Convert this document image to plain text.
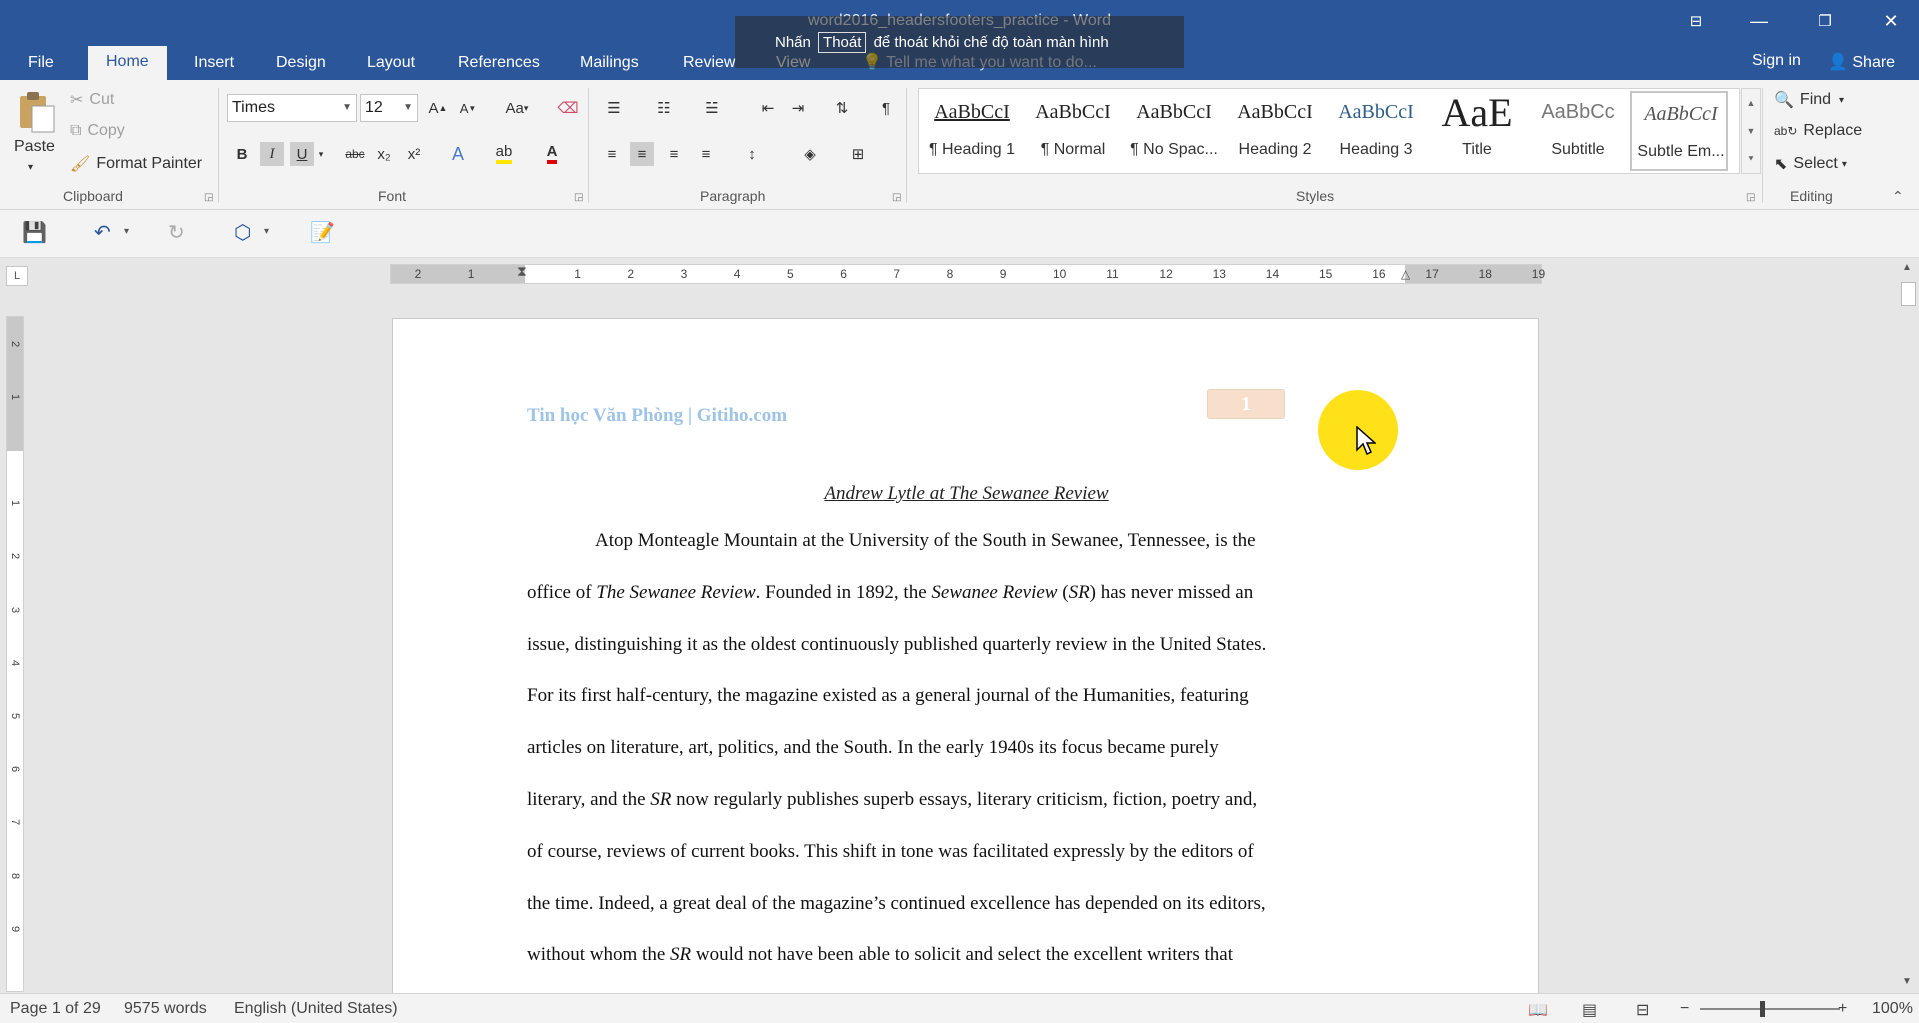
⊟	—	❐	✕
File	Home	Insert	Design	Layout	References	Mailings	Review	Sign in 👤 Share
Nhấn Thoát để thoát khỏi chế độ toàn màn hình
Paste
▾
✂ Cut
⧉ Copy
🖌 Format Painter
Clipboard	◲
Times	▼ 12 ▼ A ▲ A ▼ Aa ▾ ⌫
B	I	U	▾	abc x₂	x²	A	ab A
Font	◲
☰	☷	☱	⇤	⇥	⇅	¶
≡	≡	≡	≡	↕	◈	⊞
Paragraph	◲
AaBbCcI
¶ Heading 1
AaBbCcI
¶ Normal
AaBbCcI
¶ No Spac...
AaBbCcI
Heading 2
AaBbCcI
Heading 3
AaE
Title
AaBbCc
Subtitle
AaBbCcI
Subtle Em...
▲
▼
⯆
Styles	◲
🔍 Find ▾
ab↻ Replace
⬉ Select ▾
Editing	⌃
💾 ↶ ▾ ↻ ⬡ ▾ 📝
L	2	1	1	2	3	4	5	6	7	8	9	10	11	12	13	14	15	16	17	18	19
⧗	△
2
1
1
2
3
4
5
6
7
8
9
Tin học Văn Phòng | Gitiho.com
1
Andrew Lytle at The Sewanee Review
Atop Monteagle Mountain at the University of the South in Sewanee, Tennessee, is the
office of The Sewanee Review. Founded in 1892, the Sewanee Review (SR) has never missed an
issue, distinguishing it as the oldest continuously published quarterly review in the United States.
For its first half-century, the magazine existed as a general journal of the Humanities, featuring
articles on literature, art, politics, and the South. In the early 1940s its focus became purely
literary, and the SR now regularly publishes superb essays, literary criticism, fiction, poetry and,
of course, reviews of current books. This shift in tone was facilitated expressly by the editors of
the time. Indeed, a great deal of the magazine’s continued excellence has depended on its editors,
without whom the SR would not have been able to solicit and select the excellent writers that
▲
▼
Page 1 of 29 9575 words English (United States)	📖 ▤ ⊟ −	+ 100%
